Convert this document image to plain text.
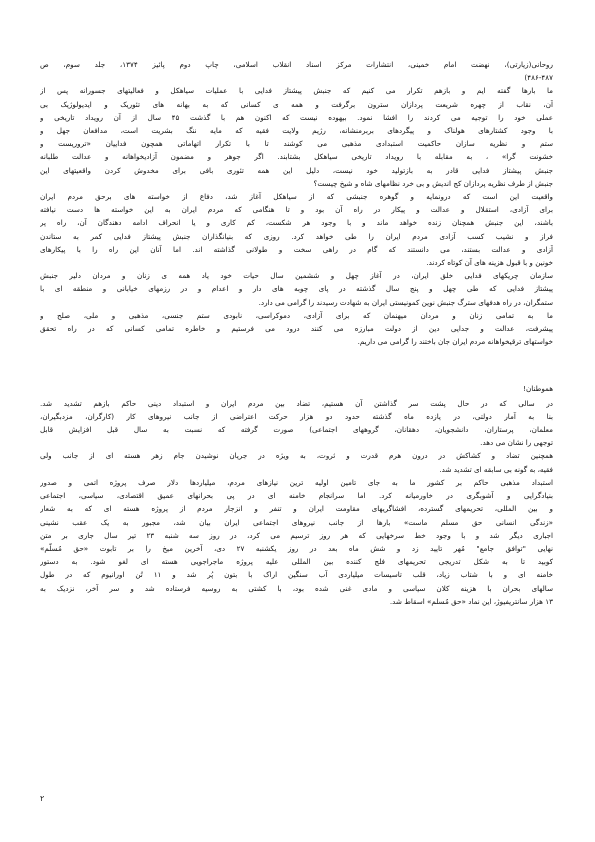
روحانی(زیارتی)، نهضت امام خمینی، انتشارات مرکز اسناد انقلاب اسلامی، چاپ دوم پائیز ۱۳۷۴، جلد سوم، ص
۴۸۶-۴۸۷)

ما بارها گفته ایم و بازهم تکرار می کنیم که جنبش پیشتاز فدایی با عملیات سیاهکل و فعالیتهای جسورانه پس از
آن، نقاب از چهره شریعت پردازان سترون برگرفت و همه ی کسانی که به بهانه های تئوریک و ایدیولوژیک بی
عملی خود را توجیه می کردند را افشا نمود. بیهوده نیست که اکنون هم با گذشت ۴۵ سال از آن رویداد تاریخی و
با وجود کشتارهای هولناک و پیگردهای بربرمنشانه، رژیم ولایت فقیه که مایه ننگ بشریت است، مدافعان جهل و
ستم و نظریه سازان حاکمیت استبدادی مذهبی می کوشند تا با تکرار اتهاماتی همچون فداییان «تروریست و
خشونت گرا» ، به مقابله با رویداد تاریخی سیاهکل بشتابند. اگر جوهر و مضمون آزادیخواهانه و عدالت طلبانه
جنبش پیشتاز فدایی قادر به بازتولید خود نیست، دلیل این همه تئوری بافی برای مخدوش کردن واقعیتهای این
جنبش از طرف نظریه پردازان کج اندیش و بی خرد نظامهای شاه و شیخ چیست؟

واقعیت این است که درونمایه و گوهره جنبشی که از سیاهکل آغاز شد، دفاع از خواسته های برحق مردم ایران
برای آزادی، استقلال و عدالت و پیکار در راه آن بود و تا هنگامی که مردم ایران به این خواسته ها دست نیافته
باشند، این جنبش همچنان زنده خواهد ماند و با وجود هر شکست، کم کاری و یا انحراف ادامه دهندگان آن، راه پر
فراز و نشیب کسب آزادی مردم ایران را طی خواهد کرد. روزی که بنیانگذاران جنبش پیشتاز فدایی کمر به ستاندن
آزادی و عدالت بستند، می دانستند که گام در راهی سخت و طولانی گذاشته اند. اما آنان این راه را با پیکارهای
خونین و با قبول هزینه های آن کوتاه کردند.

سازمان چریکهای فدایی خلق ایران، در آغاز چهل و ششمین سال حیات خود یاد همه ی زنان و مردان دلیر جنبش
پیشتاز فدایی که طی چهل و پنج سال گذشته در پای چوبه های دار و اعدام و در رزمهای خیابانی و منطقه ای با
ستمگران، در راه هدفهای سترگ جنبش نوین کمونیستی ایران به شهادت رسیدند را گرامی می دارد.

ما به تمامی زنان و مردان میهنمان که برای آزادی، دموکراسی، نابودی ستم جنسی، مذهبی و ملی، صلح و
پیشرفت، عدالت و جدایی دین از دولت مبارزه می کنند درود می فرستیم و خاطره تمامی کسانی که در راه تحقق
خواستهای ترقیخواهانه مردم ایران جان باختند را گرامی می داریم.

هموطنان!

در سالی که در حال پشت سر گذاشتن آن هستیم، تضاد بین مردم ایران و استبداد دینی حاکم بازهم تشدید شد.
بنا به آمار دولتی، در یازده ماه گذشته حدود دو هزار حرکت اعتراضی از جانب نیروهای کار (کارگران، مزدبگیران،
معلمان، پرستاران، دانشجویان، دهقانان، گروههای اجتماعی) صورت گرفته که نسبت به سال قبل افزایش قابل
توجهی را نشان می دهد.

همچنین تضاد و کشاکش در درون هرم قدرت و ثروت، به ویژه در جریان نوشیدن جام زهر هسته ای از جانب ولی
فقیه، به گونه بی سابقه ای تشدید شد.

استبداد مذهبی حاکم بر کشور ما به جای تامین اولیه ترین نیازهای مردم، میلیاردها دلار صرف پروژه اتمی و صدور
بنیادگرایی و آشوبگری در خاورمیانه کرد. اما سرانجام خامنه ای در پی بحرانهای عمیق اقتصادی، سیاسی، اجتماعی
و بین المللی، تحریمهای گسترده، افشاگریهای مقاومت ایران و تنفر و انزجار مردم از پروژه هسته ای که به شعار
«زندگی انسانی حق مسلم ماست» بارها از جانب نیروهای اجتماعی ایران بیان شد، مجبور به یک عقب نشینی
اجباری دیگر شد و با وجود خط سرخهایی که هر روز ترسیم می کرد، در روز سه شنبه ۲۳ تیر سال جاری بر متن
نهایی "توافق جامع" مُهر تایید زد و شش ماه بعد در روز یکشنبه ۲۷ دی، آخرین میخ را بر تابوت «حق مُسلّم»
کوبید تا به شکل تدریجی تحریمهای فلج کننده بین المللی علیه پروژه ماجراجویی هسته ای لغو شود. به دستور
خامنه ای و با شتاب زیاد، قلب تاسیسات میلیاردی آب سنگین اراک با بتون پُر شد و ۱۱ تُن اورانیوم که در طول
سالهای بحران با هزینه کلان سیاسی و مادی غنی شده بود، با کشتی به روسیه فرستاده شد و سر آخر، نزدیک به
۱۳ هزار سانتریفیوژ، این نماد «حق مُسلم» اسقاط شد.

۲
